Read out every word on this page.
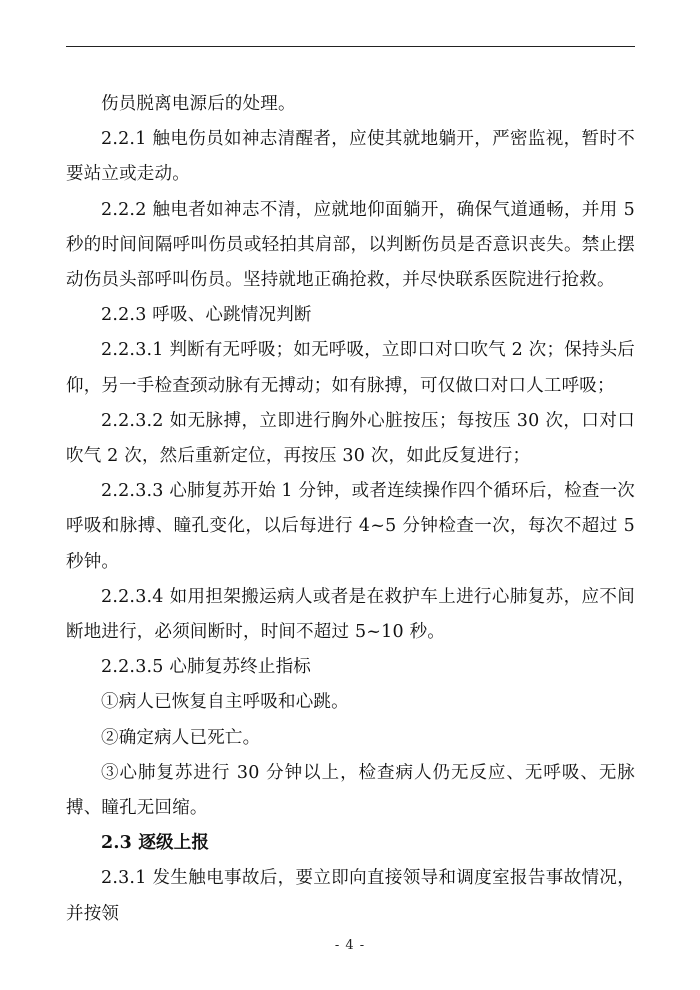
伤员脱离电源后的处理。

2.2.1 触电伤员如神志清醒者，应使其就地躺开，严密监视，暂时不要站立或走动。

2.2.2 触电者如神志不清，应就地仰面躺开，确保气道通畅，并用 5 秒的时间间隔呼叫伤员或轻拍其肩部，以判断伤员是否意识丧失。禁止摆动伤员头部呼叫伤员。坚持就地正确抢救，并尽快联系医院进行抢救。

2.2.3 呼吸、心跳情况判断

2.2.3.1 判断有无呼吸；如无呼吸，立即口对口吹气 2 次；保持头后仰，另一手检查颈动脉有无搏动；如有脉搏，可仅做口对口人工呼吸；

2.2.3.2 如无脉搏，立即进行胸外心脏按压；每按压 30 次，口对口吹气 2 次，然后重新定位，再按压 30 次，如此反复进行；

2.2.3.3 心肺复苏开始 1 分钟，或者连续操作四个循环后，检查一次呼吸和脉搏、瞳孔变化，以后每进行 4~5 分钟检查一次，每次不超过 5 秒钟。

2.2.3.4 如用担架搬运病人或者是在救护车上进行心肺复苏，应不间断地进行，必须间断时，时间不超过 5~10 秒。

2.2.3.5 心肺复苏终止指标

①病人已恢复自主呼吸和心跳。

②确定病人已死亡。

③心肺复苏进行 30 分钟以上，检查病人仍无反应、无呼吸、无脉搏、瞳孔无回缩。

2.3 逐级上报

2.3.1 发生触电事故后，要立即向直接领导和调度室报告事故情况，并按领

- 4 -
